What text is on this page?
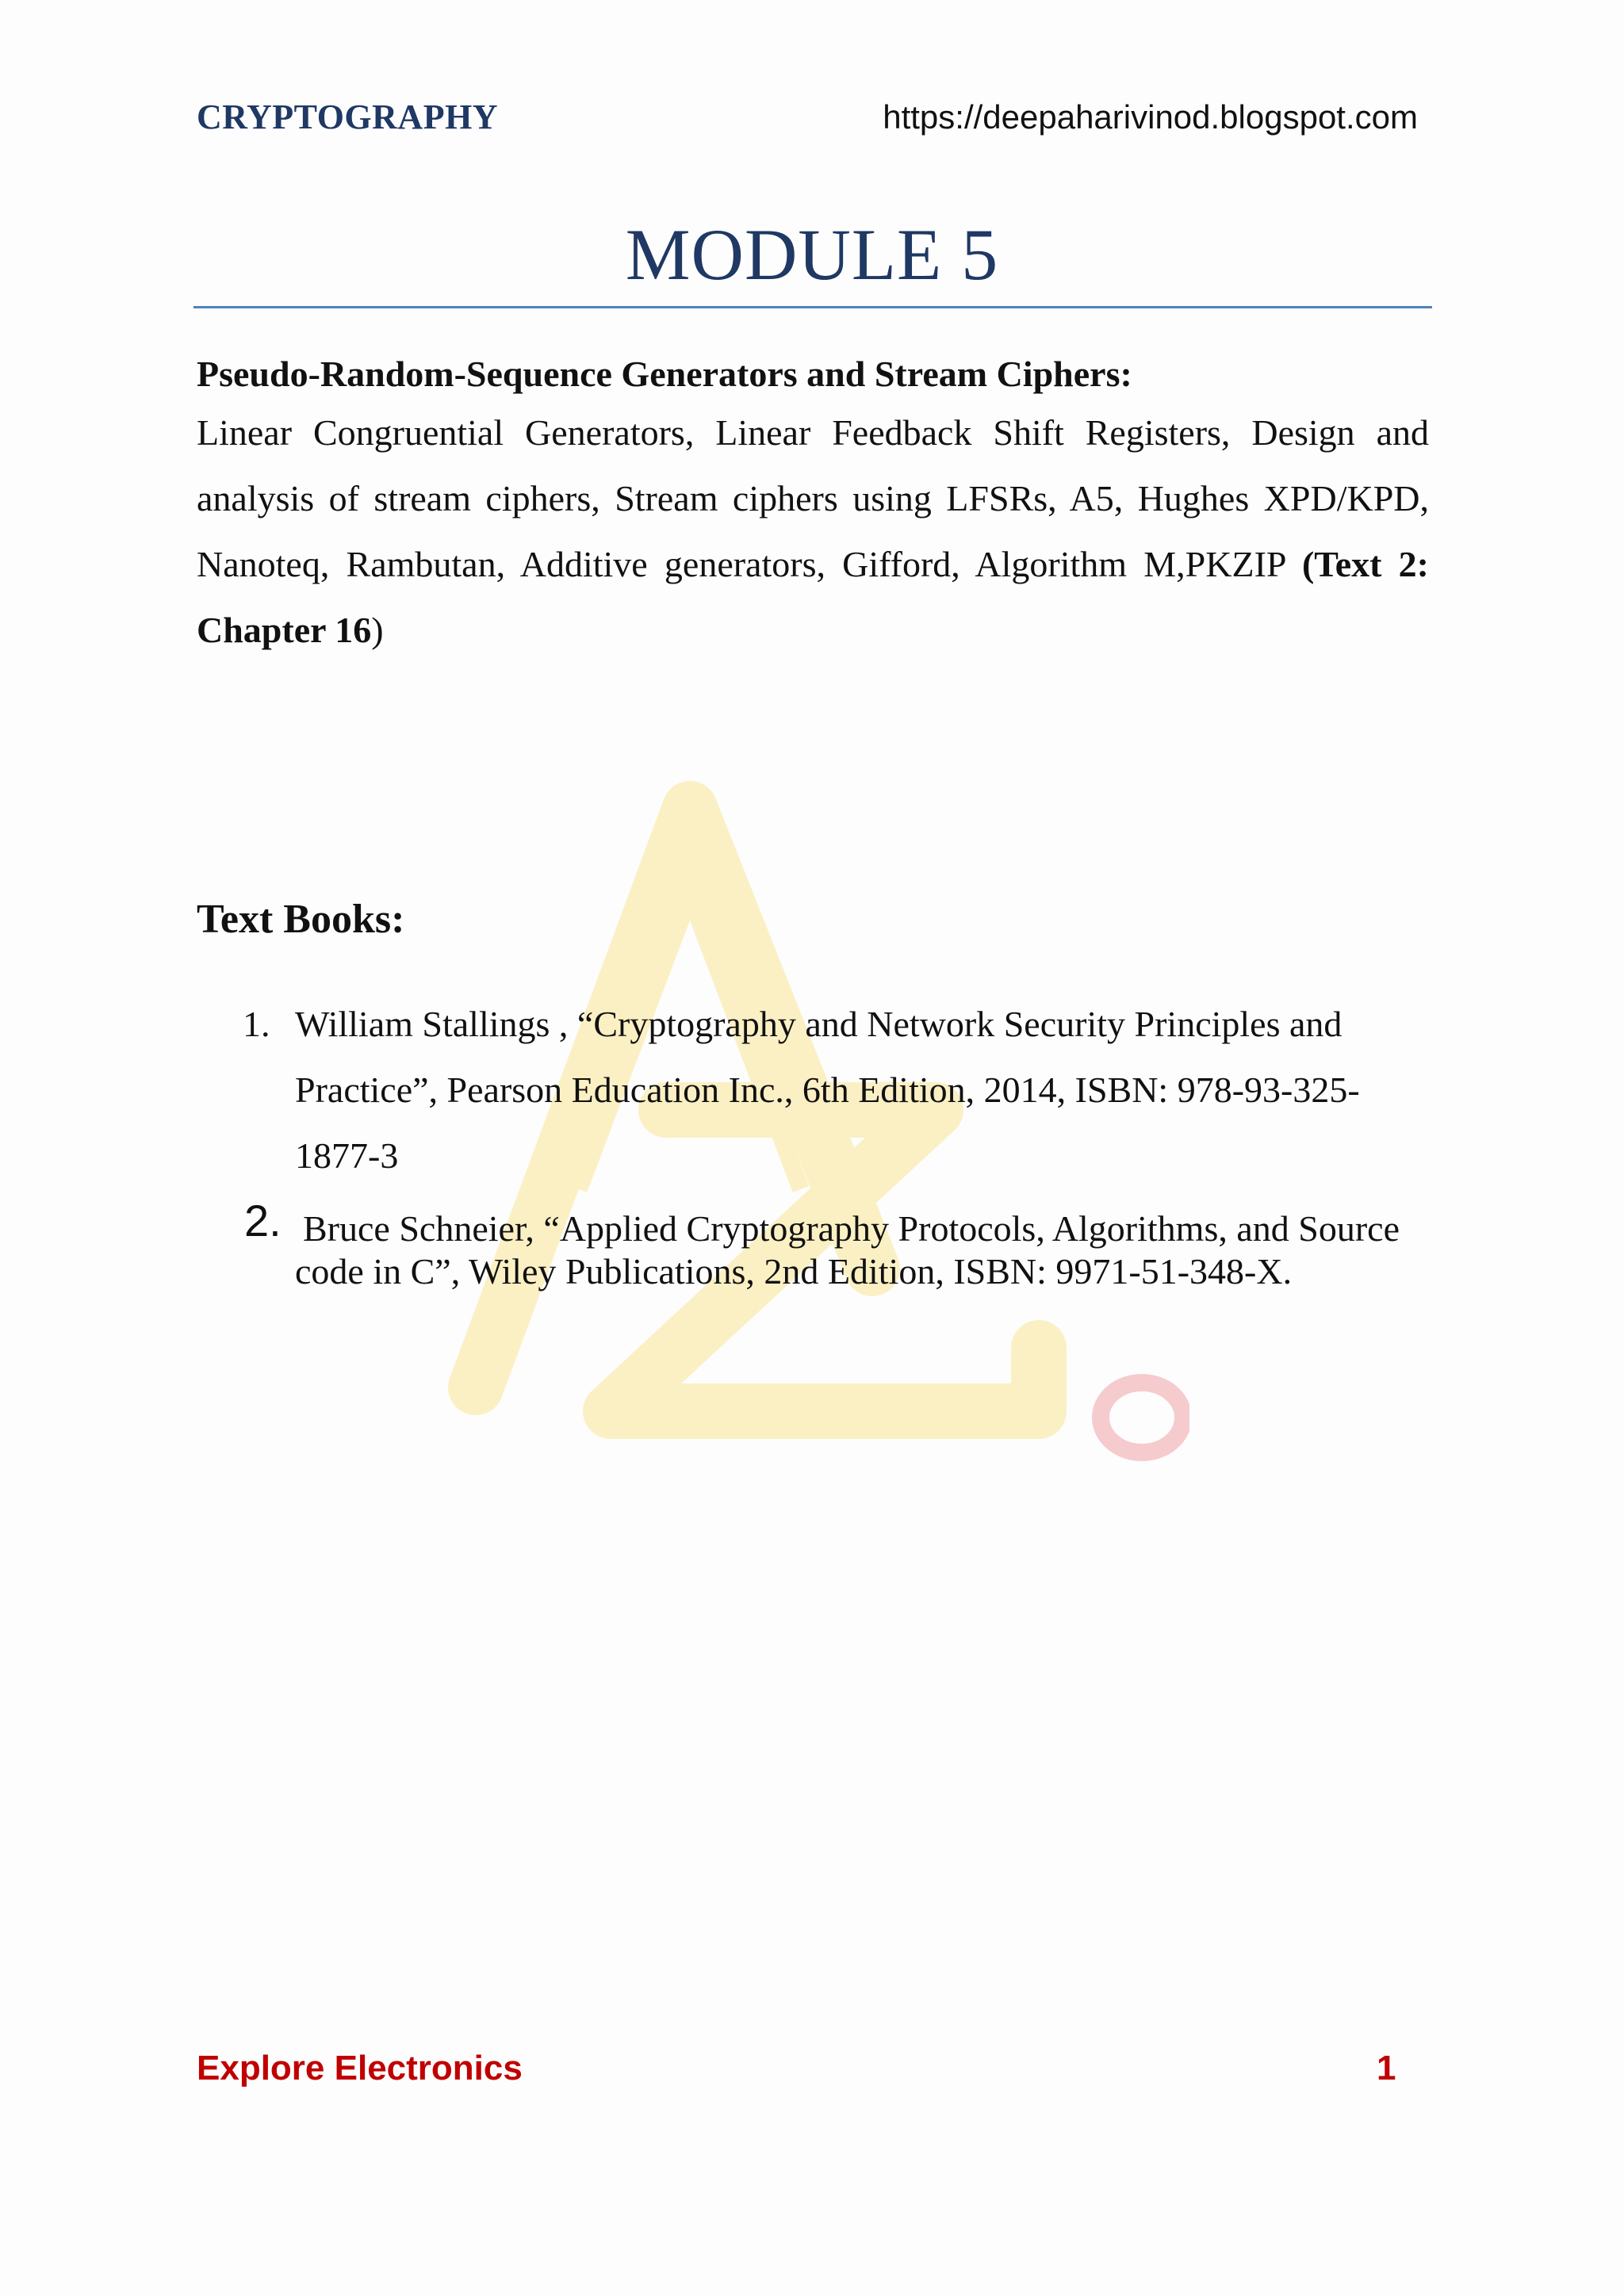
CRYPTOGRAPHY	https://deepaharivinod.blogspot.com
MODULE 5
Pseudo-Random-Sequence Generators and Stream Ciphers:
Linear Congruential Generators, Linear Feedback Shift Registers, Design and analysis of stream ciphers, Stream ciphers using LFSRs, A5, Hughes XPD/KPD, Nanoteq, Rambutan, Additive generators, Gifford, Algorithm M,PKZIP (Text 2: Chapter 16)
Text Books:
1. William Stallings , “Cryptography and Network Security Principles and Practice”, Pearson Education Inc., 6th Edition, 2014, ISBN: 978-93-325-1877-3
2. Bruce Schneier, “Applied Cryptography Protocols, Algorithms, and Source code in C”, Wiley Publications, 2nd Edition, ISBN: 9971-51-348-X.
Explore Electronics	1
